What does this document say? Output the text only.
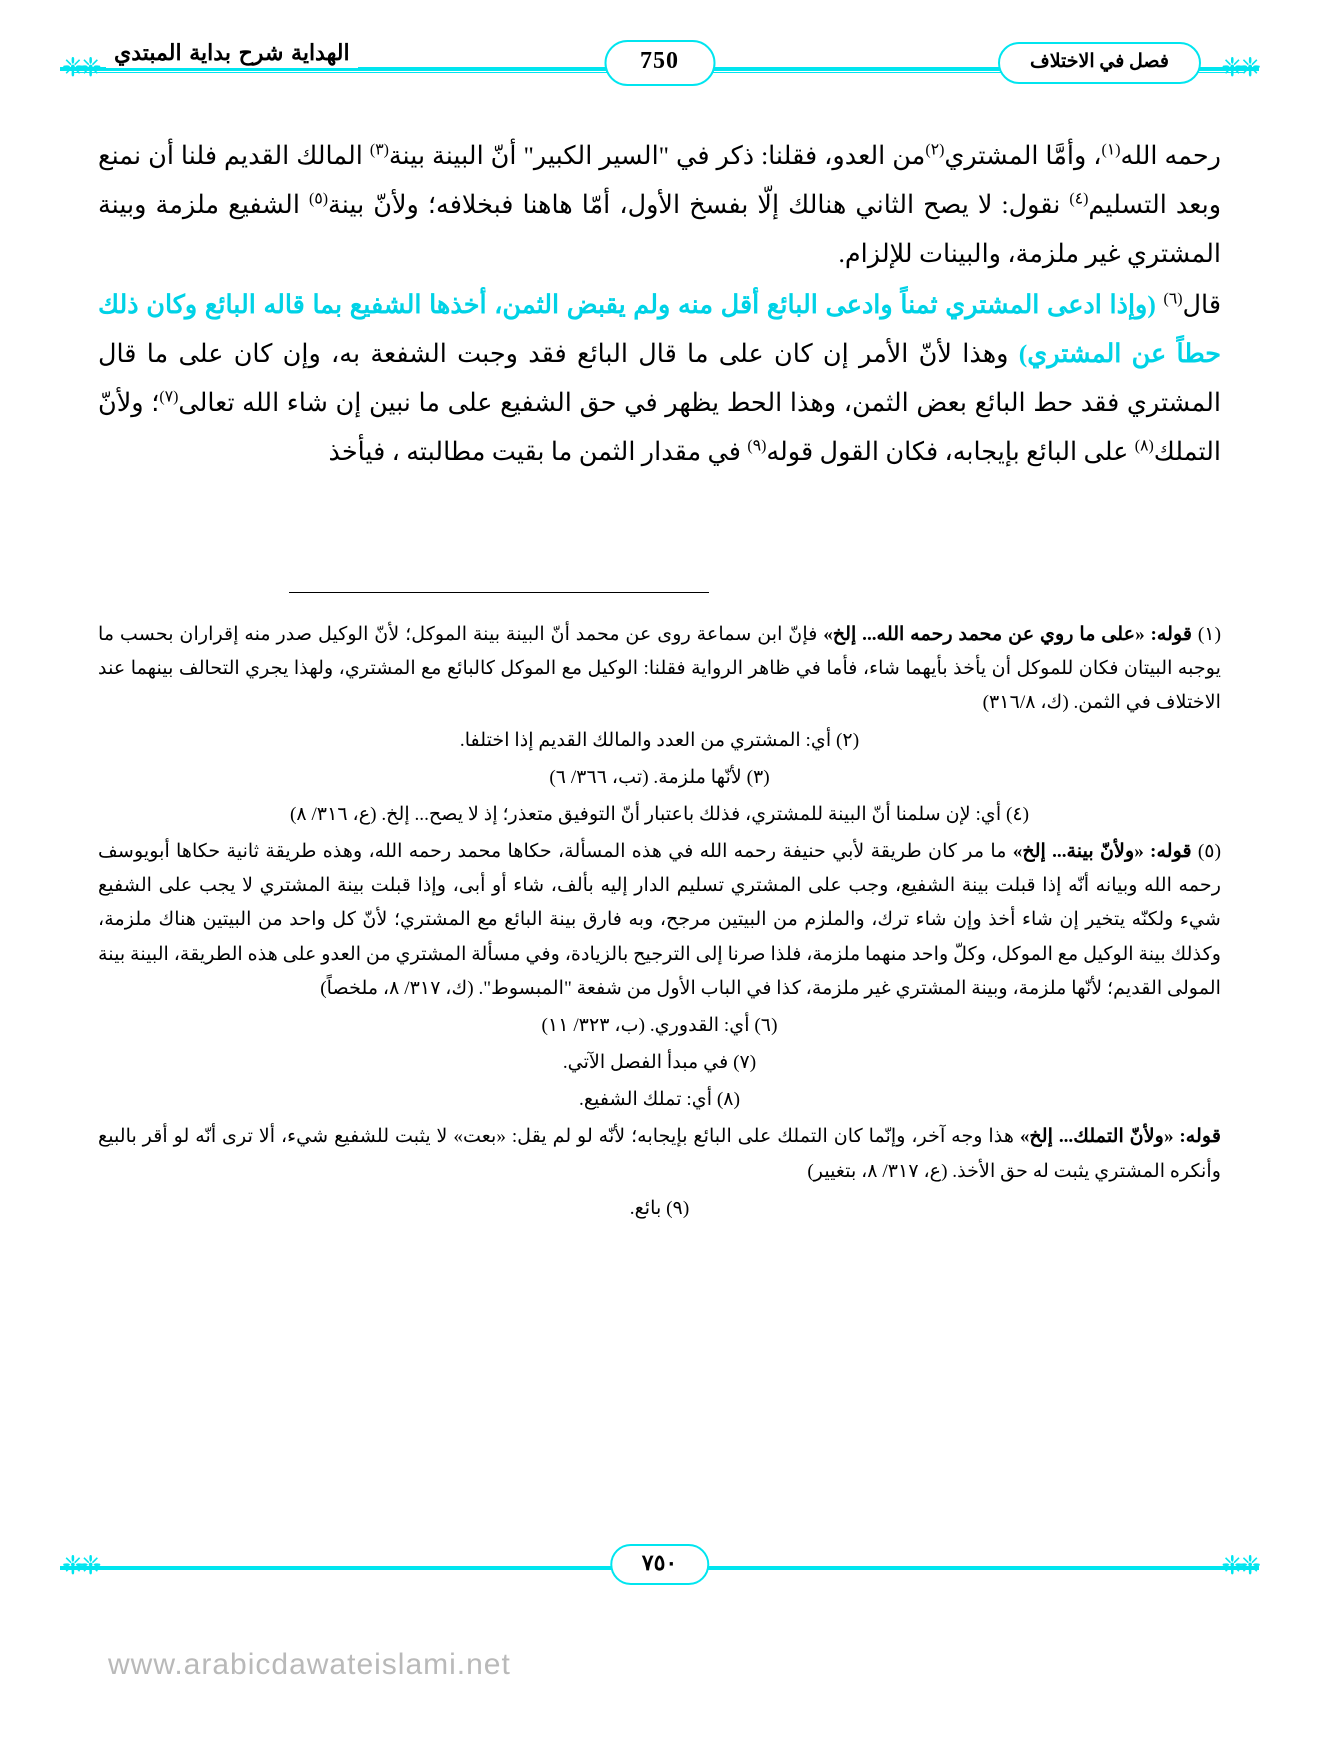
❈❈
❈❈	فصل في الاختلاف
750
الهداية شرح بداية المبتدي

رحمه الله$^{(١)}$، وأمَّا المشتري$^{(٢)}$من العدو، فقلنا: ذكر في "السير الكبير" أنّ البينة بينة$^{(٣)}$ المالك القديم فلنا أن نمنع وبعد التسليم$^{(٤)}$ نقول: لا يصح الثاني هنالك إلّا بفسخ الأول، أمّا هاهنا فبخلافه؛ ولأنّ بينة$^{(٥)}$ الشفيع ملزمة وبينة المشتري غير ملزمة، والبينات للإلزام.

قال$^{(٦)}$ (وإذا ادعى المشتري ثمناً وادعى البائع أقل منه ولم يقبض الثمن، أخذها الشفيع بما قاله البائع وكان ذلك حطاً عن المشتري) وهذا لأنّ الأمر إن كان على ما قال البائع فقد وجبت الشفعة به، وإن كان على ما قال المشتري فقد حط البائع بعض الثمن، وهذا الحط يظهر في حق الشفيع على ما نبين إن شاء الله تعالى$^{(٧)}$؛ ولأنّ التملك$^{(٨)}$ على البائع بإيجابه، فكان القول قوله$^{(٩)}$ في مقدار الثمن ما بقيت مطالبته ، فيأخذ

(١) قوله: «على ما روي عن محمد رحمه الله... إلخ» فإنّ ابن سماعة روى عن محمد أنّ البينة بينة الموكل؛ لأنّ الوكيل صدر منه إقراران بحسب ما يوجبه البيتان فكان للموكل أن يأخذ بأيهما شاء، فأما في ظاهر الرواية فقلنا: الوكيل مع الموكل كالبائع مع المشتري، ولهذا يجري التحالف بينهما عند الاختلاف في الثمن. (ك، ٣١٦/٨)

(٢) أي: المشتري من العدد والمالك القديم إذا اختلفا.

(٣) لأنّها ملزمة. (تب، ٣٦٦/ ٦)

(٤) أي: لإن سلمنا أنّ البينة للمشتري، فذلك باعتبار أنّ التوفيق متعذر؛ إذ لا يصح... إلخ. (ع، ٣١٦/ ٨)

(٥) قوله: «ولأنّ بينة... إلخ» ما مر كان طريقة لأبي حنيفة رحمه الله في هذه المسألة، حكاها محمد رحمه الله، وهذه طريقة ثانية حكاها أبويوسف رحمه الله وبيانه أنّه إذا قبلت بينة الشفيع، وجب على المشتري تسليم الدار إليه بألف، شاء أو أبى، وإذا قبلت بينة المشتري لا يجب على الشفيع شيء ولكنّه يتخير إن شاء أخذ وإن شاء ترك، والملزم من البيتين مرجح، وبه فارق بينة البائع مع المشتري؛ لأنّ كل واحد من البيتين هناك ملزمة، وكذلك بينة الوكيل مع الموكل، وكلّ واحد منهما ملزمة، فلذا صرنا إلى الترجيح بالزيادة، وفي مسألة المشتري من العدو على هذه الطريقة، البينة بينة المولى القديم؛ لأنّها ملزمة، وبينة المشتري غير ملزمة، كذا في الباب الأول من شفعة "المبسوط". (ك، ٣١٧/ ٨، ملخصاً)

(٦) أي: القدوري. (ب، ٣٢٣/ ١١)

(٧) في مبدأ الفصل الآتي.

(٨) أي: تملك الشفيع.

قوله: «ولأنّ التملك... إلخ» هذا وجه آخر، وإنّما كان التملك على البائع بإيجابه؛ لأنّه لو لم يقل: «بعت» لا يثبت للشفيع شيء، ألا ترى أنّه لو أقر بالبيع وأنكره المشتري يثبت له حق الأخذ. (ع، ٣١٧/ ٨، بتغيير)

(٩) بائع.

❈❈
❈❈	٧٥٠
www.arabicdawateislami.net
